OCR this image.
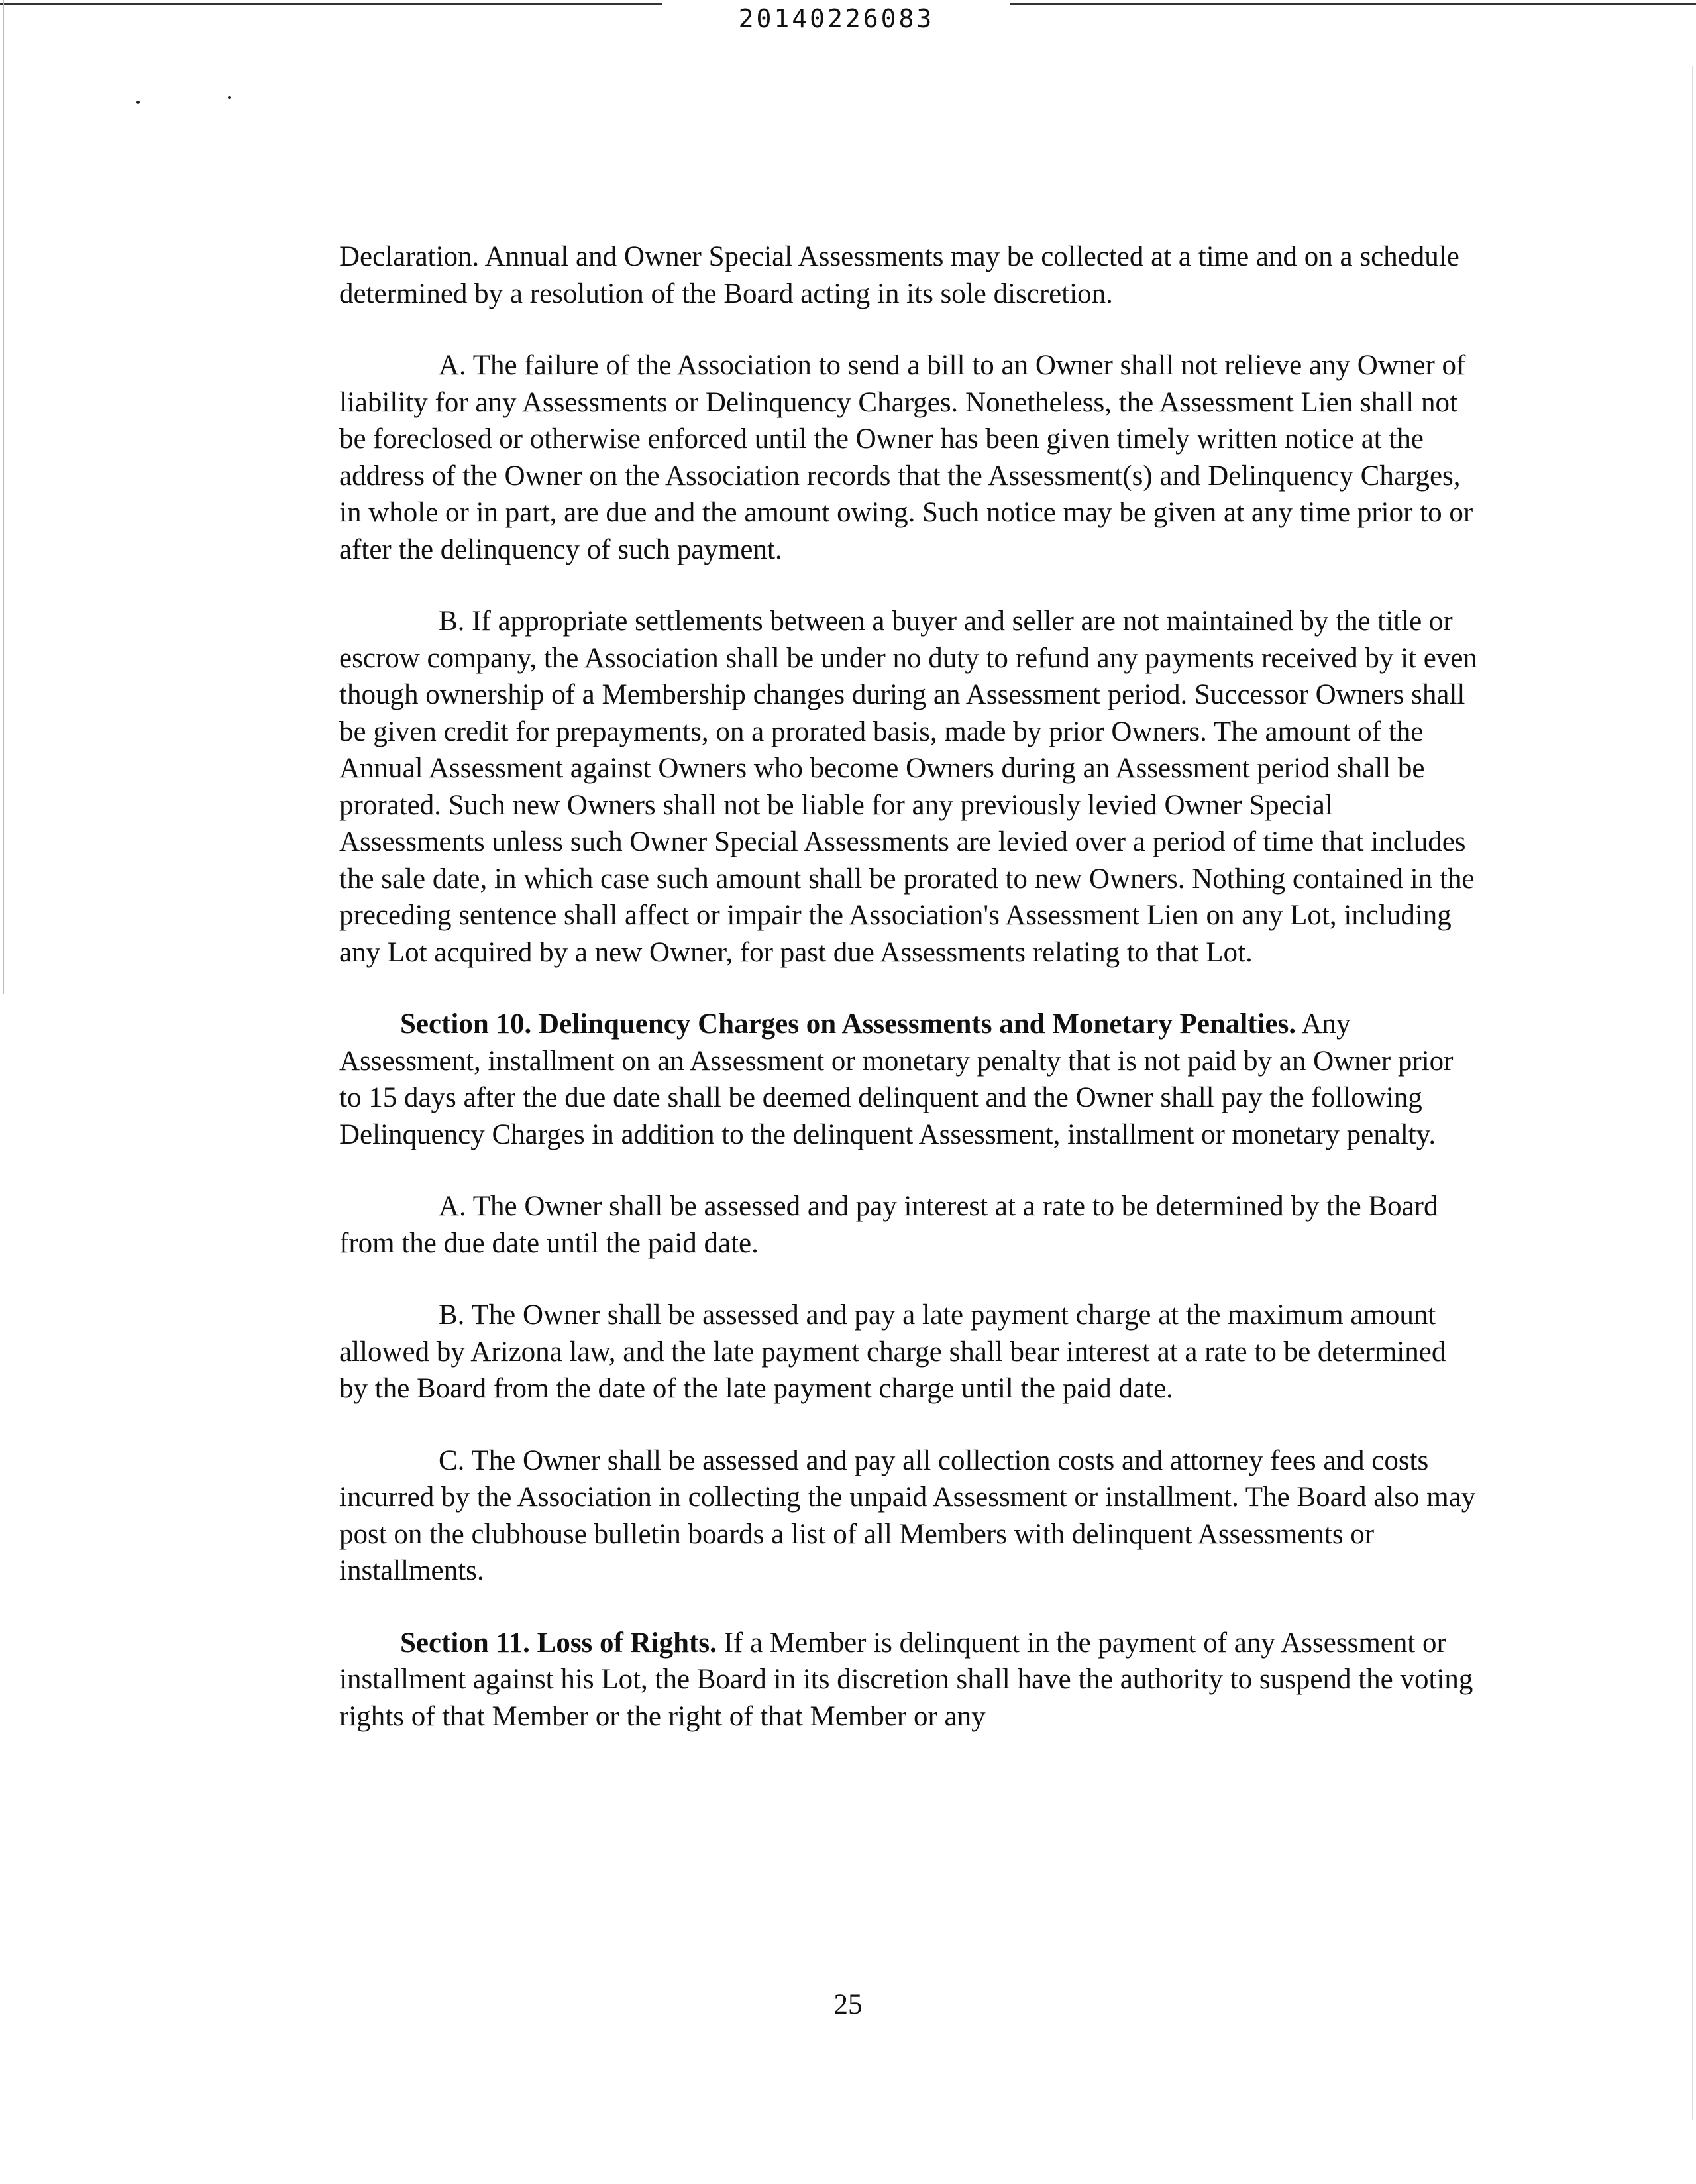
20140226083

Declaration. Annual and Owner Special Assessments may be collected at a time and on a schedule determined by a resolution of the Board acting in its sole discretion.

A. The failure of the Association to send a bill to an Owner shall not relieve any Owner of liability for any Assessments or Delinquency Charges. Nonetheless, the Assessment Lien shall not be foreclosed or otherwise enforced until the Owner has been given timely written notice at the address of the Owner on the Association records that the Assessment(s) and Delinquency Charges, in whole or in part, are due and the amount owing. Such notice may be given at any time prior to or after the delinquency of such payment.

B. If appropriate settlements between a buyer and seller are not maintained by the title or escrow company, the Association shall be under no duty to refund any payments received by it even though ownership of a Membership changes during an Assessment period. Successor Owners shall be given credit for prepayments, on a prorated basis, made by prior Owners. The amount of the Annual Assessment against Owners who become Owners during an Assessment period shall be prorated. Such new Owners shall not be liable for any previously levied Owner Special Assessments unless such Owner Special Assessments are levied over a period of time that includes the sale date, in which case such amount shall be prorated to new Owners. Nothing contained in the preceding sentence shall affect or impair the Association's Assessment Lien on any Lot, including any Lot acquired by a new Owner, for past due Assessments relating to that Lot.

Section 10. Delinquency Charges on Assessments and Monetary Penalties. Any Assessment, installment on an Assessment or monetary penalty that is not paid by an Owner prior to 15 days after the due date shall be deemed delinquent and the Owner shall pay the following Delinquency Charges in addition to the delinquent Assessment, installment or monetary penalty.

A. The Owner shall be assessed and pay interest at a rate to be determined by the Board from the due date until the paid date.

B. The Owner shall be assessed and pay a late payment charge at the maximum amount allowed by Arizona law, and the late payment charge shall bear interest at a rate to be determined by the Board from the date of the late payment charge until the paid date.

C. The Owner shall be assessed and pay all collection costs and attorney fees and costs incurred by the Association in collecting the unpaid Assessment or installment. The Board also may post on the clubhouse bulletin boards a list of all Members with delinquent Assessments or installments.

Section 11. Loss of Rights. If a Member is delinquent in the payment of any Assessment or installment against his Lot, the Board in its discretion shall have the authority to suspend the voting rights of that Member or the right of that Member or any

25
